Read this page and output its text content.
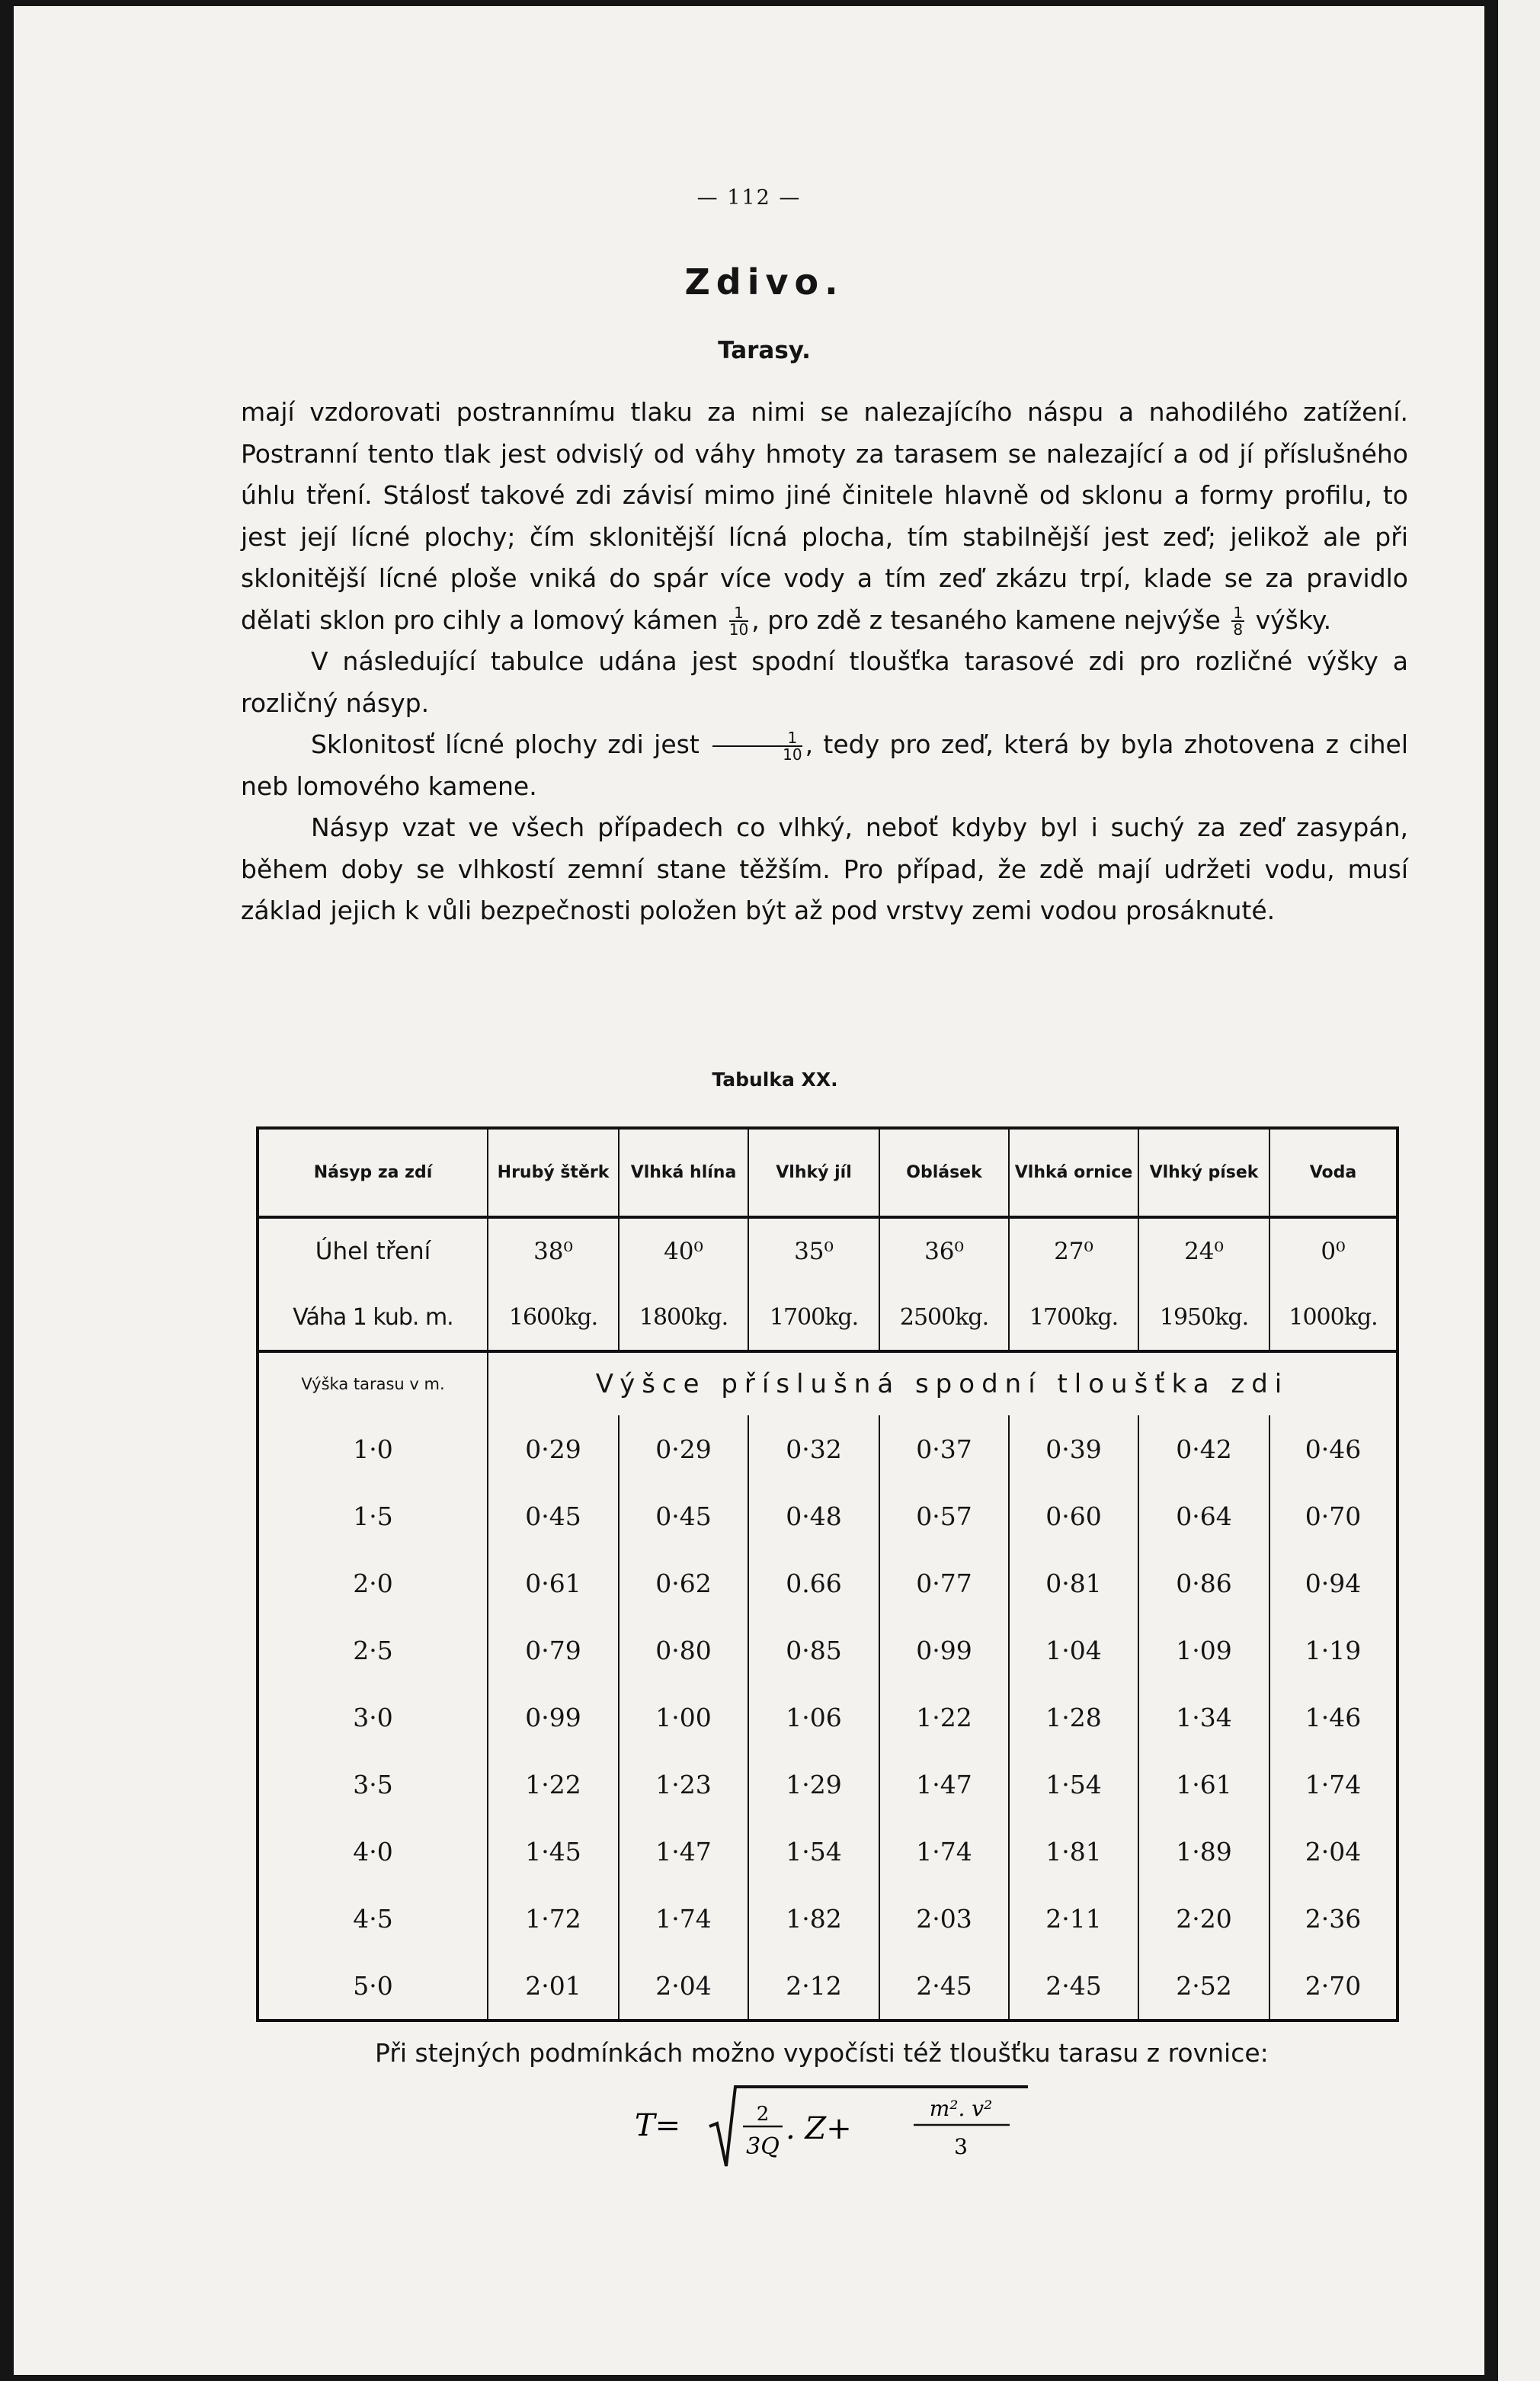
— 112 —
Zdivo.
Tarasy.

mají vzdorovati postrannímu tlaku za nimi se nalezajícího náspu a nahodilého zatížení. Postranní tento tlak jest odvislý od váhy hmoty za tarasem se nalezající a od jí příslušného úhlu tření. Stálosť takové zdi závisí mimo jiné činitele hlavně od sklonu a formy profilu, to jest její lícné plochy; čím sklonitější lícná plocha, tím stabilnější jest zeď; jelikož ale při sklonitější lícné ploše vniká do spár více vody a tím zeď zkázu trpí, klade se za pravidlo dělati sklon pro cihly a lomový kámen $\frac{1}{10}$ , pro zdě z tesaného kamene nejvýše $\frac{1}{8}$ výšky.

V následující tabulce udána jest spodní tloušťka tarasové zdi pro rozličné výšky a rozličný násyp.

Sklonitosť lícné plochy zdi jest $\frac{1}{10}$ , tedy pro zeď, která by byla zhotovena z cihel neb lomového kamene.

Násyp vzat ve všech případech co vlhký, neboť kdyby byl i suchý za zeď zasypán, během doby se vlhkostí zemní stane těžším. Pro případ, že zdě mají udržeti vodu, musí základ jejich k vůli bezpečnosti položen být až pod vrstvy zemi vodou prosáknuté.

Tabulka XX.
Násyp za zdí	Hrubý štěrk	Vlhká hlína	Vlhký jíl	Oblásek	Vlhká ornice	Vlhký písek	Voda
Úhel tření	38⁰	40⁰	35⁰	36⁰	27⁰	24⁰	0⁰
Váha 1 kub. m.	1600kg.	1800kg.	1700kg.	2500kg.	1700kg.	1950kg.	1000kg.
Výška tarasu v m.	Výšce příslušná spodní tloušťka zdi						
1·0	0·29	0·29	0·32	0·37	0·39	0·42	0·46
1·5	0·45	0·45	0·48	0·57	0·60	0·64	0·70
2·0	0·61	0·62	0.66	0·77	0·81	0·86	0·94
2·5	0·79	0·80	0·85	0·99	1·04	1·09	1·19
3·0	0·99	1·00	1·06	1·22	1·28	1·34	1·46
3·5	1·22	1·23	1·29	1·47	1·54	1·61	1·74
4·0	1·45	1·47	1·54	1·74	1·81	1·89	2·04
4·5	1·72	1·74	1·82	2·03	2·11	2·20	2·36
5·0	2·01	2·04	2·12	2·45	2·45	2·52	2·70
Při stejných podmínkách možno vypočísti též tloušťku tarasu z rovnice:
T=	2
3Q
. Z+
m². v²
3
